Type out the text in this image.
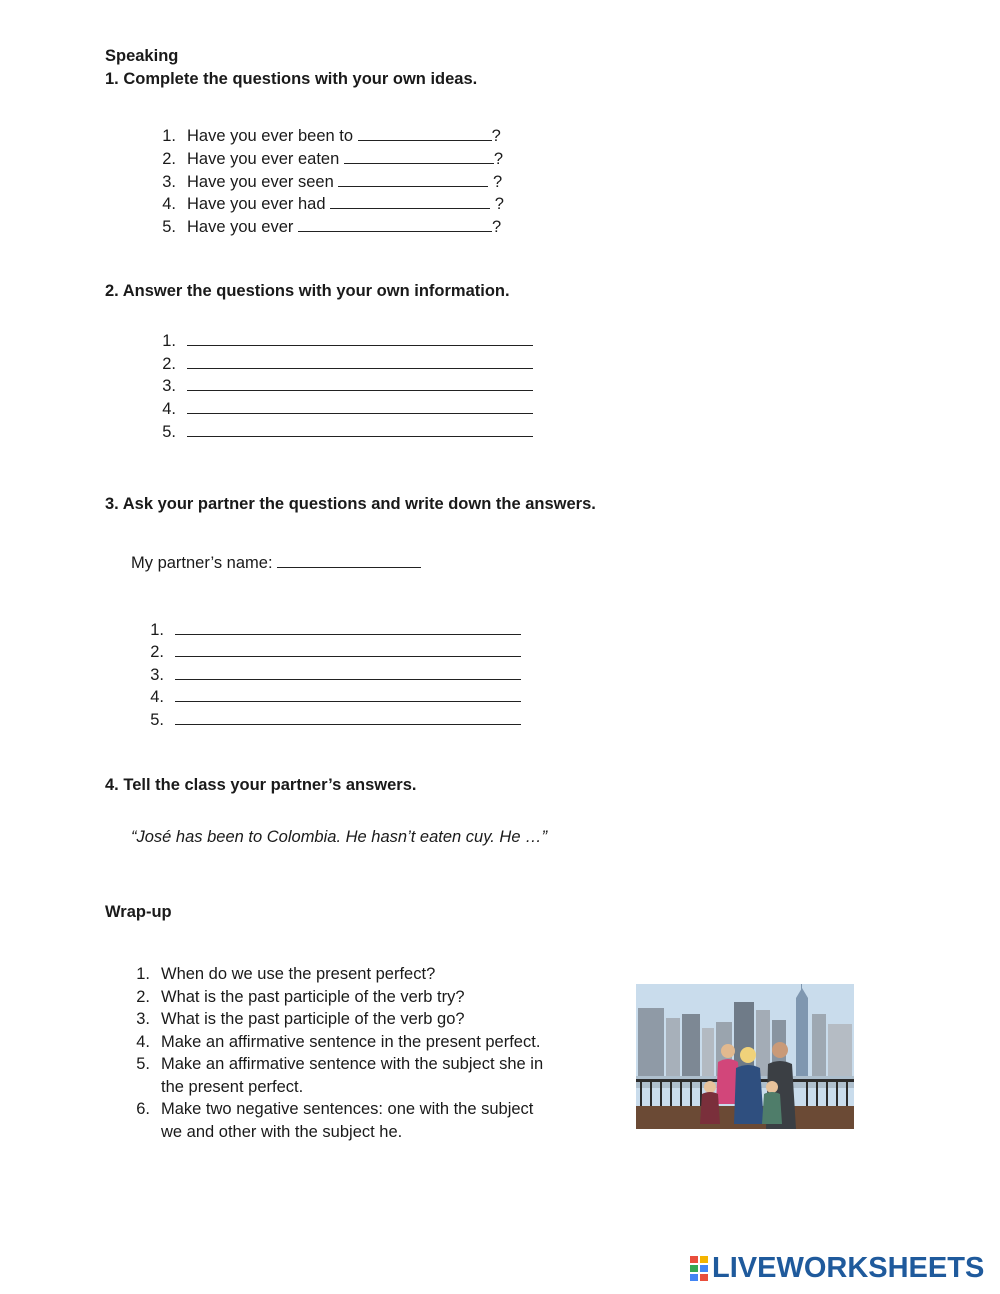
Speaking
1. Complete the questions with your own ideas.
1. Have you ever been to	?
2. Have you ever eaten	?
3. Have you ever seen	?
4. Have you ever had	?
5. Have you ever	?
2. Answer the questions with your own information.
1.
2.
3.
4.
5.
3. Ask your partner the questions and write down the answers.
My partner’s name:
1.
2.
3.
4.
5.
4. Tell the class your partner’s answers.
“José has been to Colombia. He hasn’t eaten cuy. He …”
Wrap-up
1. When do we use the present perfect?
2. What is the past participle of the verb try?
3. What is the past participle of the verb go?
4. Make an affirmative sentence in the present perfect.
5. Make an affirmative sentence with the subject she in
the present perfect.
6. Make two negative sentences: one with the subject
we and other with the subject he.
LIVEWORKSHEETS
